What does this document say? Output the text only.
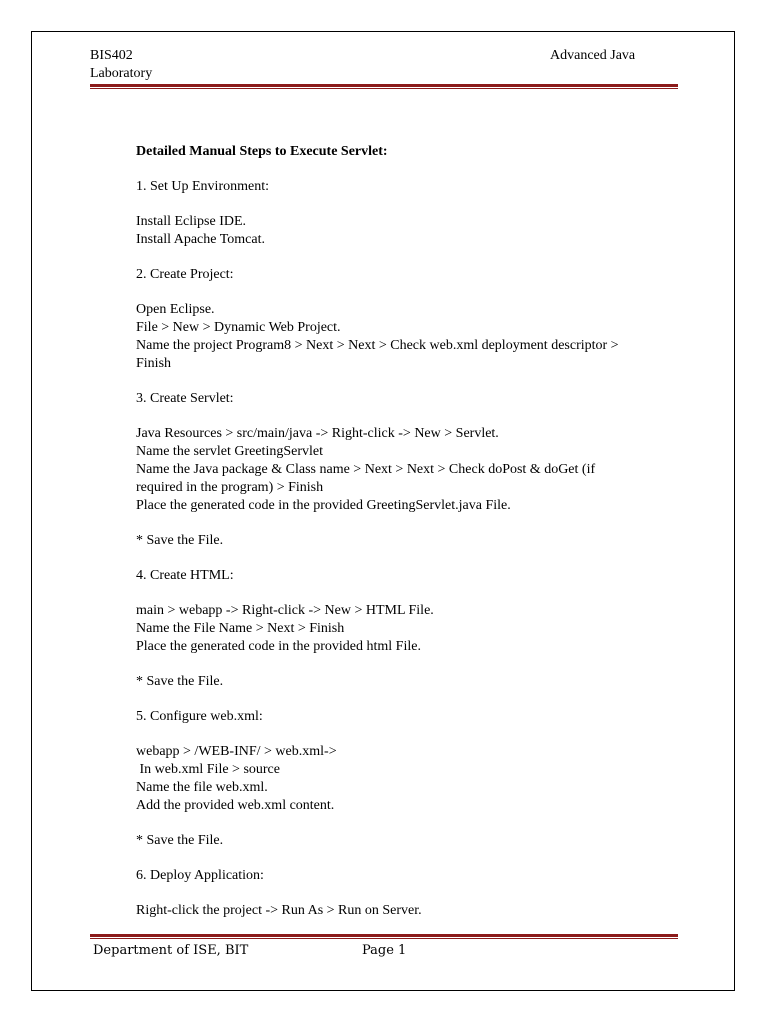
BIS402
Laboratory
Advanced Java

Detailed Manual Steps to Execute Servlet:

1. Set Up Environment:

Install Eclipse IDE.
Install Apache Tomcat.

2. Create Project:

Open Eclipse.
File > New > Dynamic Web Project.
Name the project Program8 > Next > Next > Check web.xml deployment descriptor >
Finish

3. Create Servlet:

Java Resources > src/main/java -> Right-click -> New > Servlet.
Name the servlet GreetingServlet
Name the Java package & Class name > Next > Next > Check doPost & doGet (if
required in the program) > Finish
Place the generated code in the provided GreetingServlet.java File.

* Save the File.

4. Create HTML:

main > webapp -> Right-click -> New > HTML File.
Name the File Name > Next > Finish
Place the generated code in the provided html File.

* Save the File.

5. Configure web.xml:

webapp > /WEB-INF/ > web.xml->
In web.xml File > source
Name the file web.xml.
Add the provided web.xml content.

* Save the File.

6. Deploy Application:

Right-click the project -> Run As > Run on Server.

Department of ISE, BIT	Page 1
